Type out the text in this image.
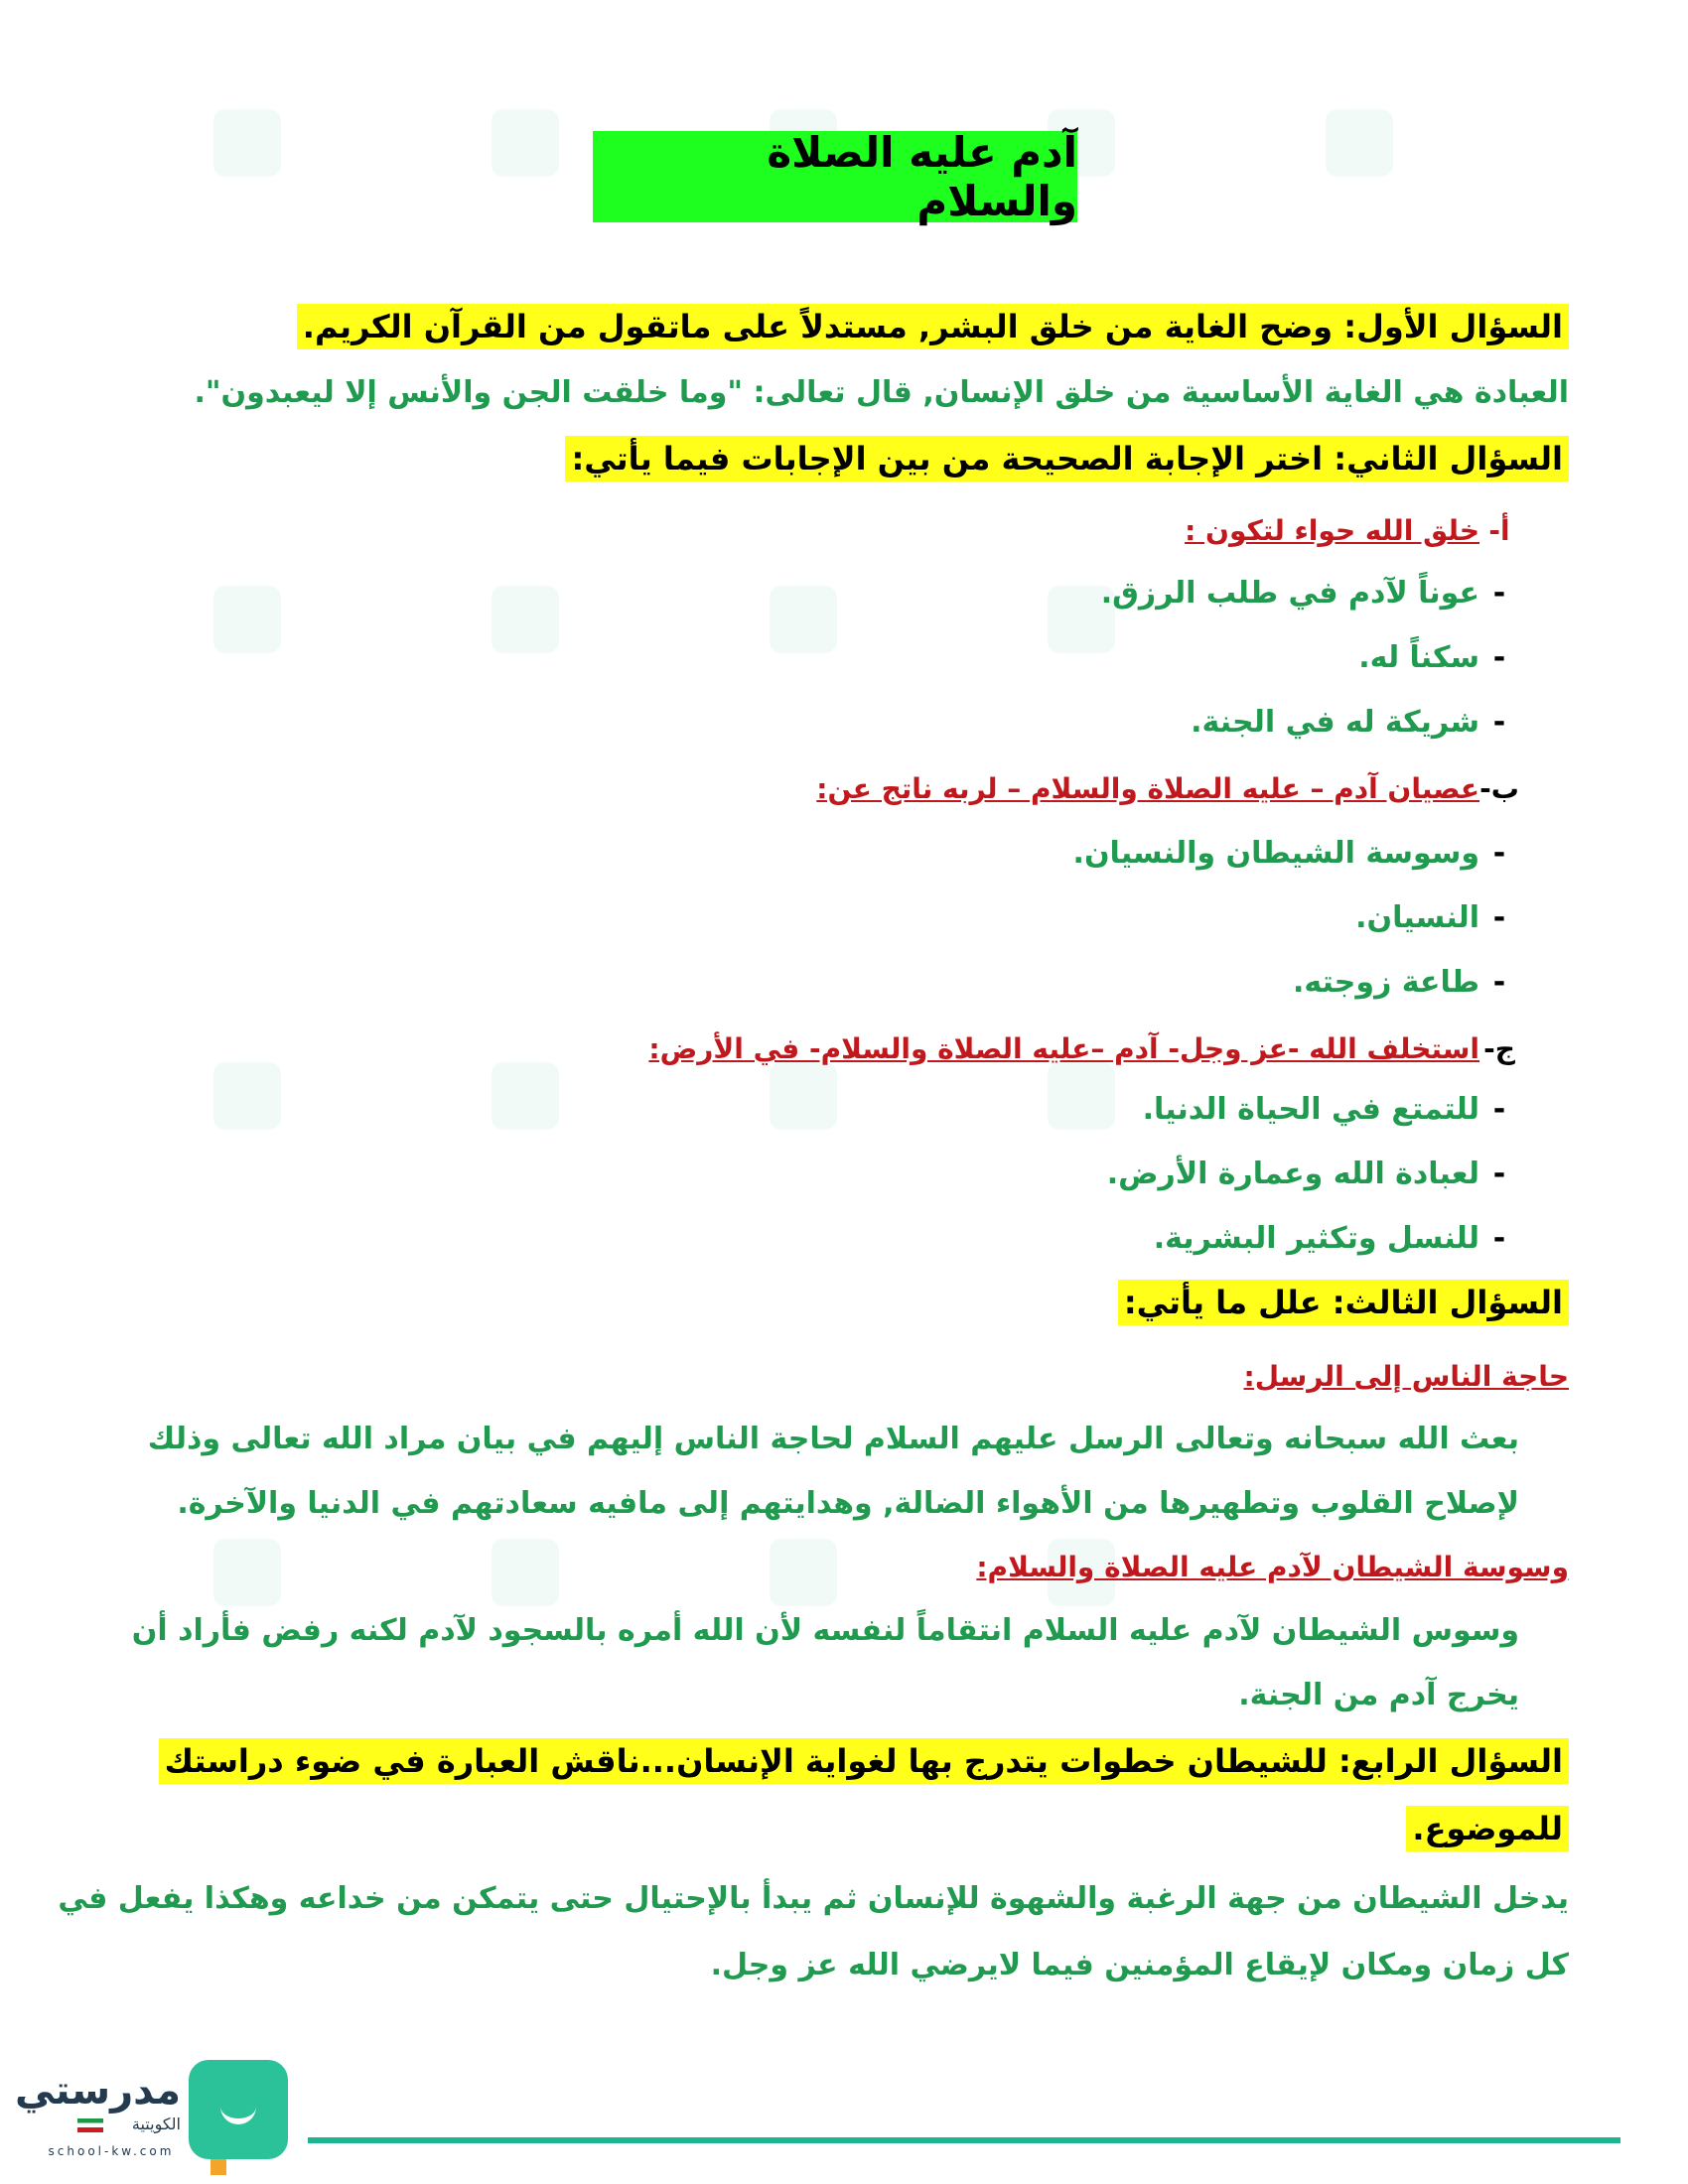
آدم عليه الصلاة والسلام
السؤال الأول: وضح الغاية من خلق البشر, مستدلاً على ماتقول من القرآن الكريم.
العبادة هي الغاية الأساسية من خلق الإنسان, قال تعالى: "وما خلقت الجن والأنس إلا ليعبدون".
السؤال الثاني: اختر الإجابة الصحيحة من بين الإجابات فيما يأتي:
أ-خلق الله حواء لتكون :
-عوناً لآدم في طلب الرزق.
-سكناً له.
-شريكة له في الجنة.
ب-عصيان آدم – عليه الصلاة والسلام – لربه ناتج عن:
-وسوسة الشيطان والنسيان.
-النسيان.
-طاعة زوجته.
ج-استخلف الله -عز وجل- آدم –عليه الصلاة والسلام- في الأرض:
-للتمتع في الحياة الدنيا.
-لعبادة الله وعمارة الأرض.
-للنسل وتكثير البشرية.
السؤال الثالث: علل ما يأتي:
حاجة الناس إلى الرسل:
بعث الله سبحانه وتعالى الرسل عليهم السلام لحاجة الناس إليهم في بيان مراد الله تعالى وذلك
لإصلاح القلوب وتطهيرها من الأهواء الضالة, وهدايتهم إلى مافيه سعادتهم في الدنيا والآخرة.
وسوسة الشيطان لآدم عليه الصلاة والسلام:
وسوس الشيطان لآدم عليه السلام انتقاماً لنفسه لأن الله أمره بالسجود لآدم لكنه رفض فأراد أن
يخرج آدم من الجنة.
السؤال الرابع: للشيطان خطوات يتدرج بها لغواية الإنسان...ناقش العبارة في ضوء دراستك
للموضوع.
يدخل الشيطان من جهة الرغبة والشهوة للإنسان ثم يبدأ بالإحتيال حتى يتمكن من خداعه وهكذا يفعل في
كل زمان ومكان لإيقاع المؤمنين فيما لايرضي الله عز وجل.
مدرستي
الكويتية
school-kw.com
